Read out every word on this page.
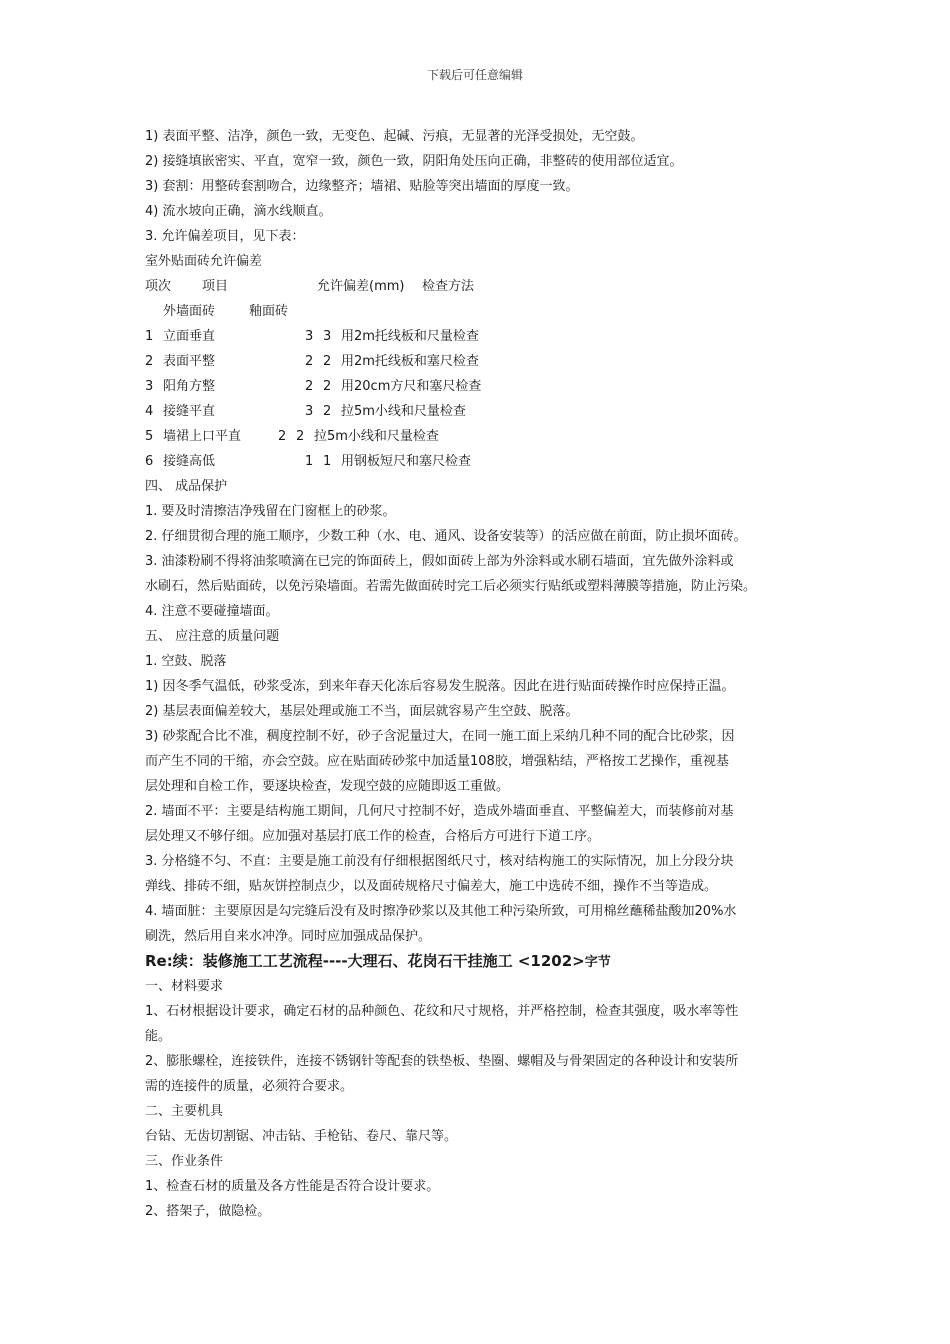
下载后可任意编辑
1) 表面平整、洁净，颜色一致，无变色、起碱、污痕，无显著的光泽受损处，无空鼓。
2) 接缝填嵌密实、平直，宽窄一致，颜色一致，阴阳角处压向正确，非整砖的使用部位适宜。
3) 套割：用整砖套割吻合，边缘整齐；墙裙、贴脸等突出墙面的厚度一致。
4) 流水坡向正确，滴水线顺直。
3. 允许偏差项目，见下表：
室外贴面砖允许偏差
项次	项目	允许偏差(mm)	检查方法
外墙面砖	釉面砖
1 立面垂直	3 3 用2m托线板和尺量检查
2 表面平整	2 2 用2m托线板和塞尺检查
3 阳角方整	2 2 用20cm方尺和塞尺检查
4 接缝平直	3 2 拉5m小线和尺量检查
5 墙裙上口平直	2 2 拉5m小线和尺量检查
6 接缝高低	1 1 用钢板短尺和塞尺检查
四、 成品保护
1. 要及时清擦洁净残留在门窗框上的砂浆。
2. 仔细贯彻合理的施工顺序，少数工种（水、电、通风、设备安装等）的活应做在前面，防止损坏面砖。
3. 油漆粉刷不得将油浆喷滴在已完的饰面砖上，假如面砖上部为外涂料或水刷石墙面，宜先做外涂料或
水刷石，然后贴面砖，以免污染墙面。若需先做面砖时完工后必须实行贴纸或塑料薄膜等措施，防止污染。
4. 注意不要碰撞墙面。
五、 应注意的质量问题
1. 空鼓、脱落
1) 因冬季气温低，砂浆受冻，到来年春天化冻后容易发生脱落。因此在进行贴面砖操作时应保持正温。
2) 基层表面偏差较大，基层处理或施工不当，面层就容易产生空鼓、脱落。
3) 砂浆配合比不准，稠度控制不好，砂子含泥量过大，在同一施工面上采纳几种不同的配合比砂浆，因
而产生不同的干缩，亦会空鼓。应在贴面砖砂浆中加适量108胶，增强粘结，严格按工艺操作，重视基
层处理和自检工作，要逐块检查，发现空鼓的应随即返工重做。
2. 墙面不平：主要是结构施工期间，几何尺寸控制不好，造成外墙面垂直、平整偏差大，而装修前对基
层处理又不够仔细。应加强对基层打底工作的检查，合格后方可进行下道工序。
3. 分格缝不匀、不直：主要是施工前没有仔细根据图纸尺寸，核对结构施工的实际情况，加上分段分块
弹线、排砖不细，贴灰饼控制点少，以及面砖规格尺寸偏差大，施工中选砖不细，操作不当等造成。
4. 墙面脏：主要原因是勾完缝后没有及时擦净砂浆以及其他工种污染所致，可用棉丝蘸稀盐酸加20%水
刷洗，然后用自来水冲净。同时应加强成品保护。
Re:续：装修施工工艺流程----大理石、花岗石干挂施工 <1202>字节
一、材料要求
1、石材根据设计要求，确定石材的品种颜色、花纹和尺寸规格，并严格控制，检查其强度，吸水率等性
能。
2、膨胀螺栓，连接铁件，连接不锈钢针等配套的铁垫板、垫圈、螺帽及与骨架固定的各种设计和安装所
需的连接件的质量，必须符合要求。
二、主要机具
台钻、无齿切割锯、冲击钻、手枪钻、卷尺、靠尺等。
三、作业条件
1、检查石材的质量及各方性能是否符合设计要求。
2、搭架子，做隐检。
